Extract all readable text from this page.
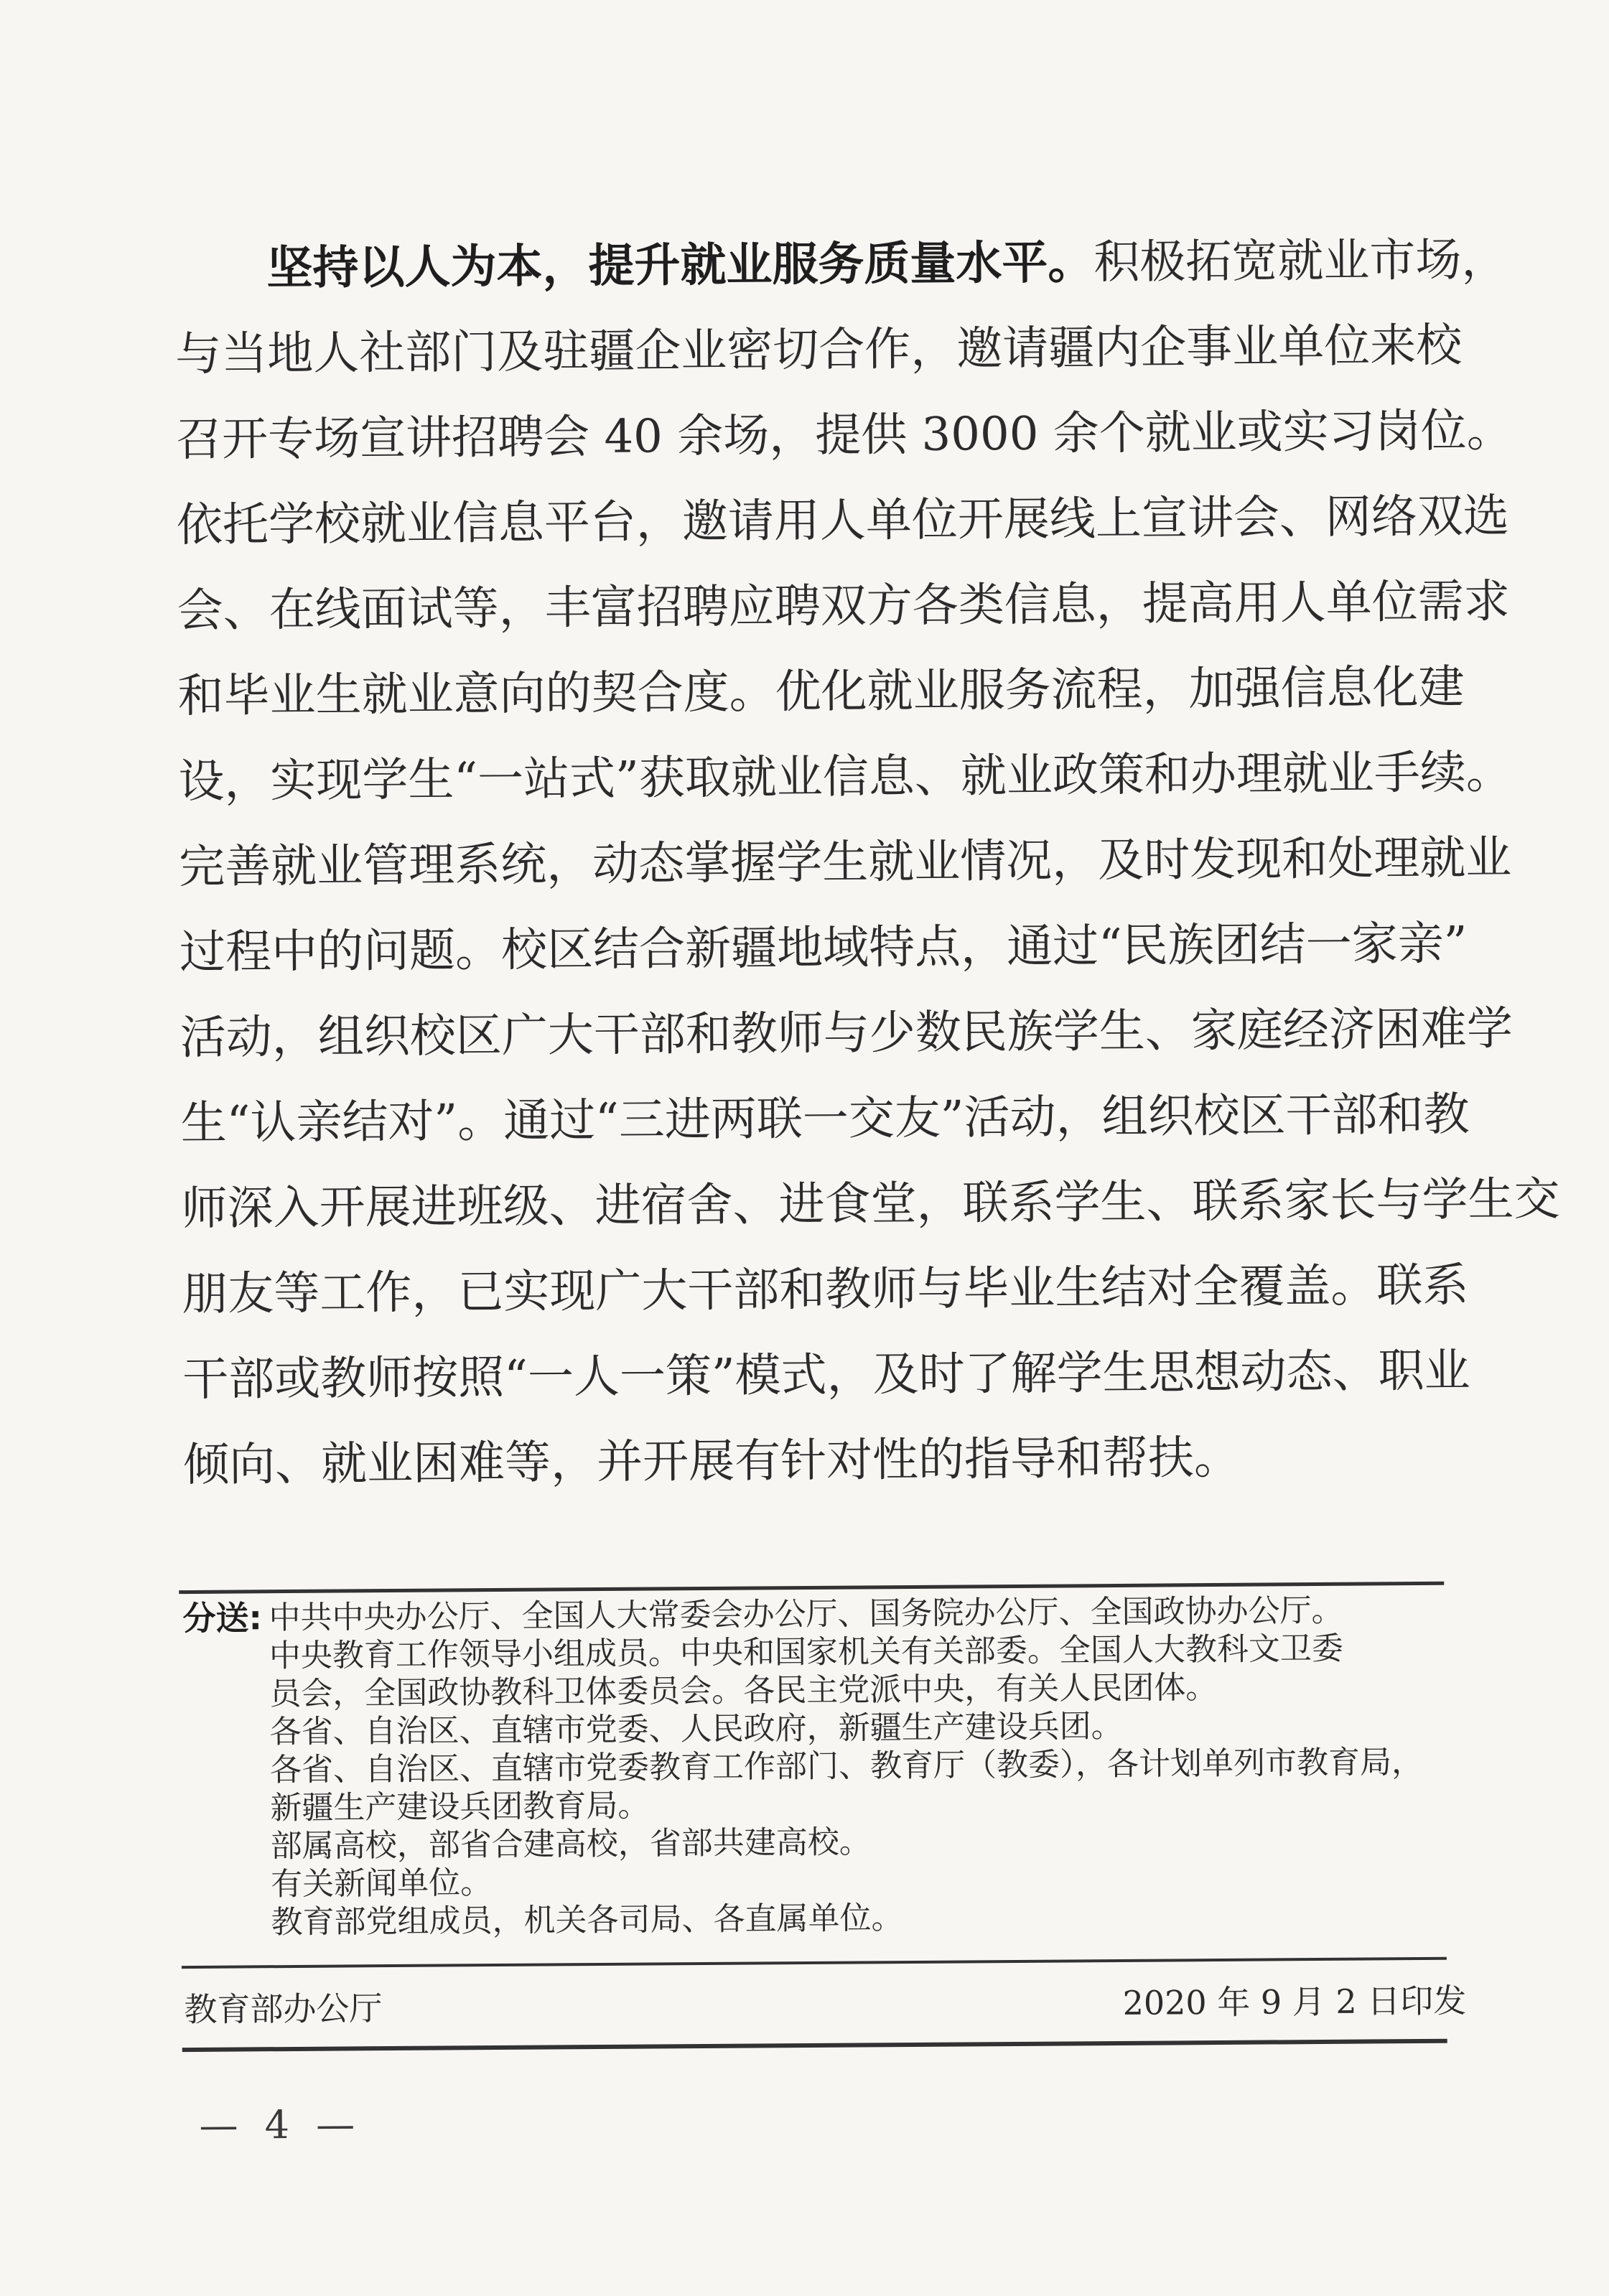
坚持以人为本，提升就业服务质量水平。积极拓宽就业市场，
与当地人社部门及驻疆企业密切合作，邀请疆内企事业单位来校
召开专场宣讲招聘会 40 余场，提供 3000 余个就业或实习岗位。
依托学校就业信息平台，邀请用人单位开展线上宣讲会、网络双选
会、在线面试等，丰富招聘应聘双方各类信息，提高用人单位需求
和毕业生就业意向的契合度。优化就业服务流程，加强信息化建
设，实现学生“一站式”获取就业信息、就业政策和办理就业手续。
完善就业管理系统，动态掌握学生就业情况，及时发现和处理就业
过程中的问题。校区结合新疆地域特点，通过“民族团结一家亲”
活动，组织校区广大干部和教师与少数民族学生、家庭经济困难学
生“认亲结对”。通过“三进两联一交友”活动，组织校区干部和教
师深入开展进班级、进宿舍、进食堂，联系学生、联系家长与学生交
朋友等工作，已实现广大干部和教师与毕业生结对全覆盖。联系
干部或教师按照“一人一策”模式，及时了解学生思想动态、职业
倾向、就业困难等，并开展有针对性的指导和帮扶。
分送: 中共中央办公厅、全国人大常委会办公厅、国务院办公厅、全国政协办公厅。
中央教育工作领导小组成员。中央和国家机关有关部委。全国人大教科文卫委
员会，全国政协教科卫体委员会。各民主党派中央，有关人民团体。
各省、自治区、直辖市党委、人民政府，新疆生产建设兵团。
各省、自治区、直辖市党委教育工作部门、教育厅（教委），各计划单列市教育局，
新疆生产建设兵团教育局。
部属高校，部省合建高校，省部共建高校。
有关新闻单位。
教育部党组成员，机关各司局、各直属单位。
教育部办公厅	2020 年 9 月 2 日印发
— 4 —
